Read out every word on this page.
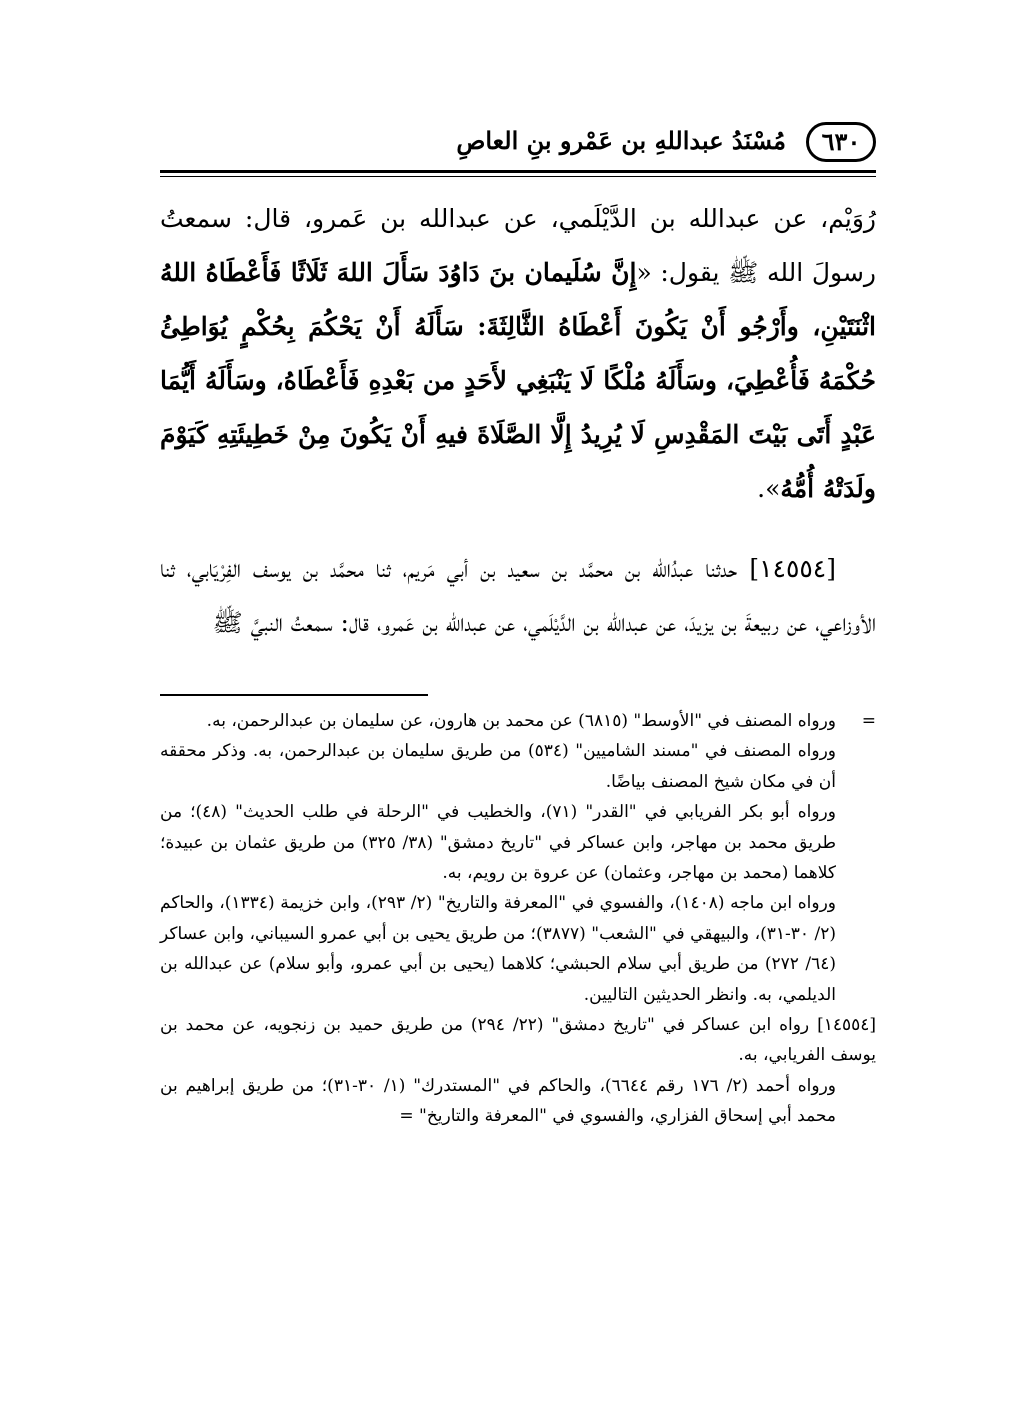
٦٣٠
مُسْنَدُ عبداللهِ بن عَمْرو بنِ العاصِ

رُوَيْم، عن عبدالله بن الدَّيْلَمي، عن عبدالله بن عَمرو، قال: سمعتُ رسولَ الله ﷺ يقول: «إِنَّ سُلَيمان بنَ دَاوُدَ سَأَلَ اللهَ ثَلَاثًا فَأَعْطَاهُ اللهُ اثْنَتَيْنِ، وأَرْجُو أَنْ يَكُونَ أَعْطَاهُ الثَّالِثَةَ: سَأَلَهُ أَنْ يَحْكُمَ بِحُكْمٍ يُوَاطِئُ حُكْمَهُ فَأُعْطِيَ، وسَأَلَهُ مُلْكًا لَا يَنْبَغِي لأَحَدٍ من بَعْدِهِ فَأَعْطَاهُ، وسَأَلَهُ أَيُّمَا عَبْدٍ أَتَى بَيْتَ المَقْدِسِ لَا يُرِيدُ إِلَّا الصَّلَاةَ فيهِ أَنْ يَكُونَ مِنْ خَطِيئَتِهِ كَيَوْمَ ولَدَتْهُ أُمُّهُ».

[١٤٥٥٤] حدثنا عبدُالله بن محمَّد بن سعيد بن أبي مَريم، ثنا محمَّد بن يوسف الفِرْيَابي، ثنا الأوزاعي، عن ربيعةَ بن يزيدَ، عن عبدالله بن الدَّيْلَمي، عن عبدالله بن عَمرو، قال: سمعتُ النبيَّ ﷺ

=
ورواه المصنف في "الأوسط" (٦٨١٥) عن محمد بن هارون، عن سليمان بن عبدالرحمن، به.

ورواه المصنف في "مسند الشاميين" (٥٣٤) من طريق سليمان بن عبدالرحمن، به. وذكر محققه أن في مكان شيخ المصنف بياضًا.

ورواه أبو بكر الفريابي في "القدر" (٧١)، والخطيب في "الرحلة في طلب الحديث" (٤٨)؛ من طريق محمد بن مهاجر، وابن عساكر في "تاريخ دمشق" (٣٨/ ٣٢٥) من طريق عثمان بن عبيدة؛ كلاهما (محمد بن مهاجر، وعثمان) عن عروة بن رويم، به.

ورواه ابن ماجه (١٤٠٨)، والفسوي في "المعرفة والتاريخ" (٢/ ٢٩٣)، وابن خزيمة (١٣٣٤)، والحاكم (٢/ ٣٠-٣١)، والبيهقي في "الشعب" (٣٨٧٧)؛ من طريق يحيى بن أبي عمرو السيباني، وابن عساكر (٦٤/ ٢٧٢) من طريق أبي سلام الحبشي؛ كلاهما (يحيى بن أبي عمرو، وأبو سلام) عن عبدالله بن الديلمي، به. وانظر الحديثين التاليين.

[١٤٥٥٤] رواه ابن عساكر في "تاريخ دمشق" (٢٢/ ٢٩٤) من طريق حميد بن زنجويه، عن محمد بن يوسف الفريابي، به.

ورواه أحمد (٢/ ١٧٦ رقم ٦٦٤٤)، والحاكم في "المستدرك" (١/ ٣٠-٣١)؛ من طريق إبراهيم بن محمد أبي إسحاق الفزاري، والفسوي في "المعرفة والتاريخ" =
